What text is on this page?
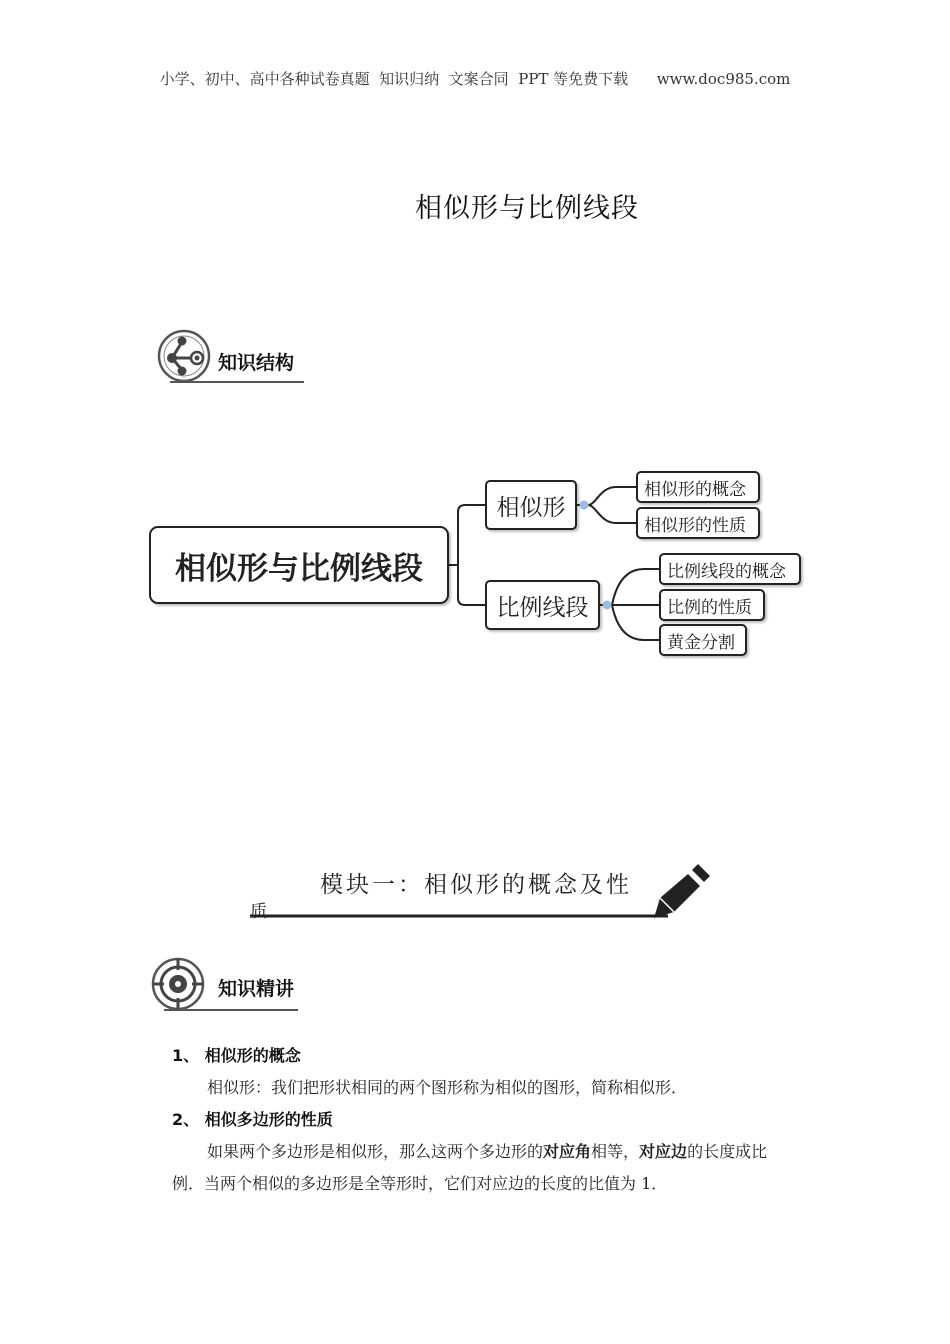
小学、初中、高中各种试卷真题  知识归纳  文案合同  PPT 等免费下载      www.doc985.com
相似形与比例线段
知识结构
相似形与比例线段
相似形
比例线段
相似形的概念
相似形的性质
比例线段的概念
比例的性质
黄金分割
模块一：相似形的概念及性
质
知识精讲
1、 相似形的概念
相似形：我们把形状相同的两个图形称为相似的图形，简称相似形．
2、 相似多边形的性质
如果两个多边形是相似形，那么这两个多边形的对应角相等，对应边的长度成比
例．当两个相似的多边形是全等形时，它们对应边的长度的比值为 1．
